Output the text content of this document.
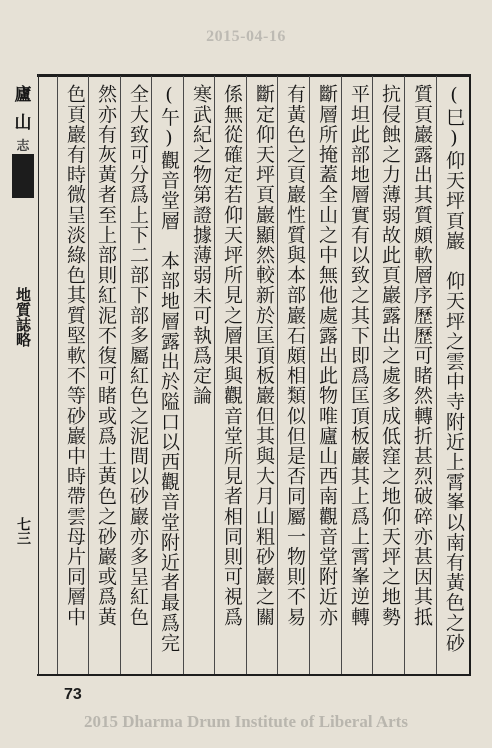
2015-04-16
廬
山
志
地質誌略
七三	(巳)仰天坪頁巖　仰天坪之雲中寺附近上霄峯以南有黃色之砂
質頁巖露出其質頗軟層序歷歷可睹然轉折甚烈破碎亦甚因其抵
抗侵蝕之力薄弱故此頁巖露出之處多成低窪之地仰天坪之地勢
平坦此部地層實有以致之其下即爲匡頂板巖其上爲上霄峯逆轉
斷層所掩蓋全山之中無他處露出此物唯廬山西南觀音堂附近亦
有黃色之頁巖性質與本部巖石頗相類似但是否同屬一物則不易
斷定仰天坪頁巖顯然較新於匡頂板巖但其與大月山粗砂巖之關
係無從確定若仰天坪所見之層果與觀音堂所見者相同則可視爲
寒武紀之物第證據薄弱未可執爲定論
(午)觀音堂層　本部地層露出於隘口以西觀音堂附近者最爲完
全大致可分爲上下二部下部多屬紅色之泥間以砂巖亦多呈紅色
然亦有灰黃者至上部則紅泥不復可睹或爲土黃色之砂巖或爲黃
色頁巖有時微呈淡綠色其質堅軟不等砂巖中時帶雲母片同層中
73
2015 Dharma Drum Institute of Liberal Arts
